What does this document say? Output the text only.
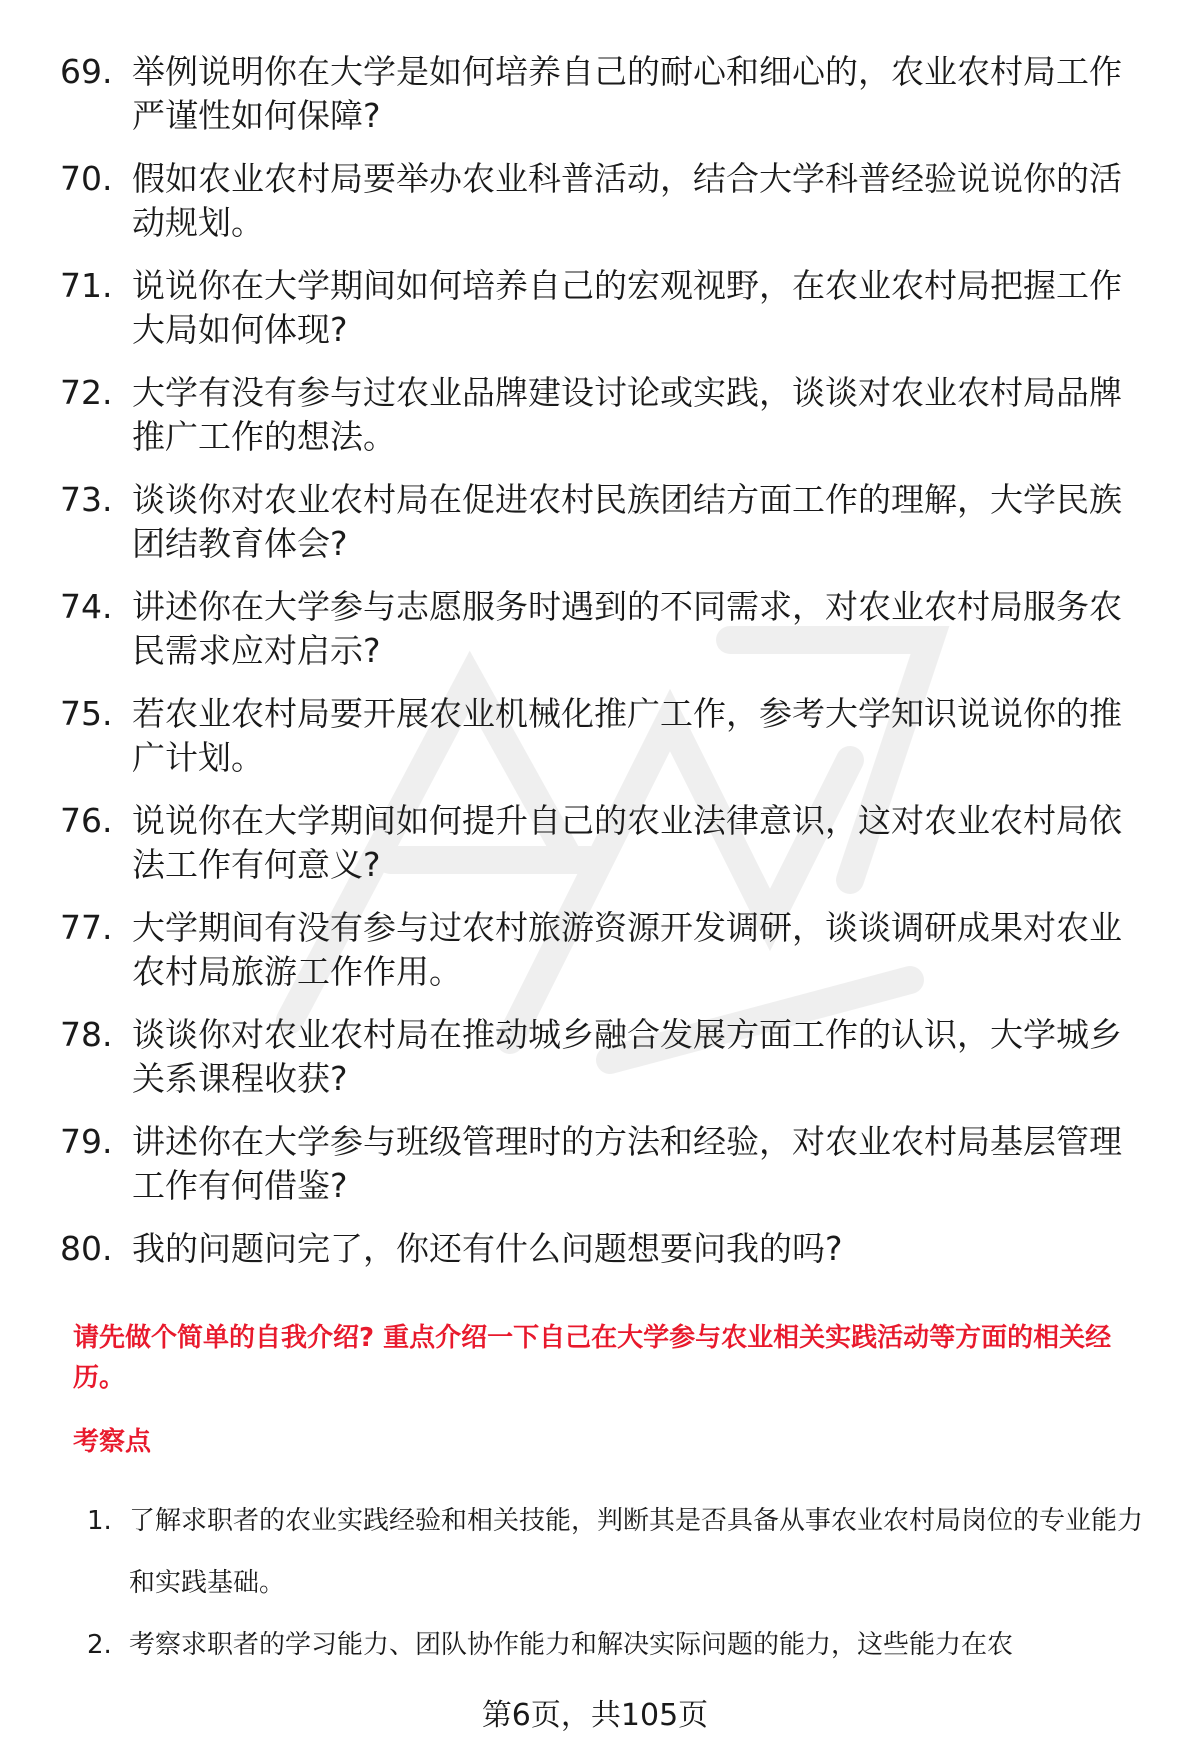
69. 举例说明你在大学是如何培养自己的耐心和细心的，农业农村局工作严谨性如何保障?
70. 假如农业农村局要举办农业科普活动，结合大学科普经验说说你的活动规划。
71. 说说你在大学期间如何培养自己的宏观视野，在农业农村局把握工作大局如何体现?
72. 大学有没有参与过农业品牌建设讨论或实践，谈谈对农业农村局品牌推广工作的想法。
73. 谈谈你对农业农村局在促进农村民族团结方面工作的理解，大学民族团结教育体会?
74. 讲述你在大学参与志愿服务时遇到的不同需求，对农业农村局服务农民需求应对启示?
75. 若农业农村局要开展农业机械化推广工作，参考大学知识说说你的推广计划。
76. 说说你在大学期间如何提升自己的农业法律意识，这对农业农村局依法工作有何意义?
77. 大学期间有没有参与过农村旅游资源开发调研，谈谈调研成果对农业农村局旅游工作作用。
78. 谈谈你对农业农村局在推动城乡融合发展方面工作的认识，大学城乡关系课程收获?
79. 讲述你在大学参与班级管理时的方法和经验，对农业农村局基层管理工作有何借鉴?
80. 我的问题问完了，你还有什么问题想要问我的吗?

请先做个简单的自我介绍? 重点介绍一下自己在大学参与农业相关实践活动等方面的相关经历。

考察点

1. 了解求职者的农业实践经验和相关技能，判断其是否具备从事农业农村局岗位的专业能力和实践基础。
2. 考察求职者的学习能力、团队协作能力和解决实际问题的能力，这些能力在农
第6页，共105页
